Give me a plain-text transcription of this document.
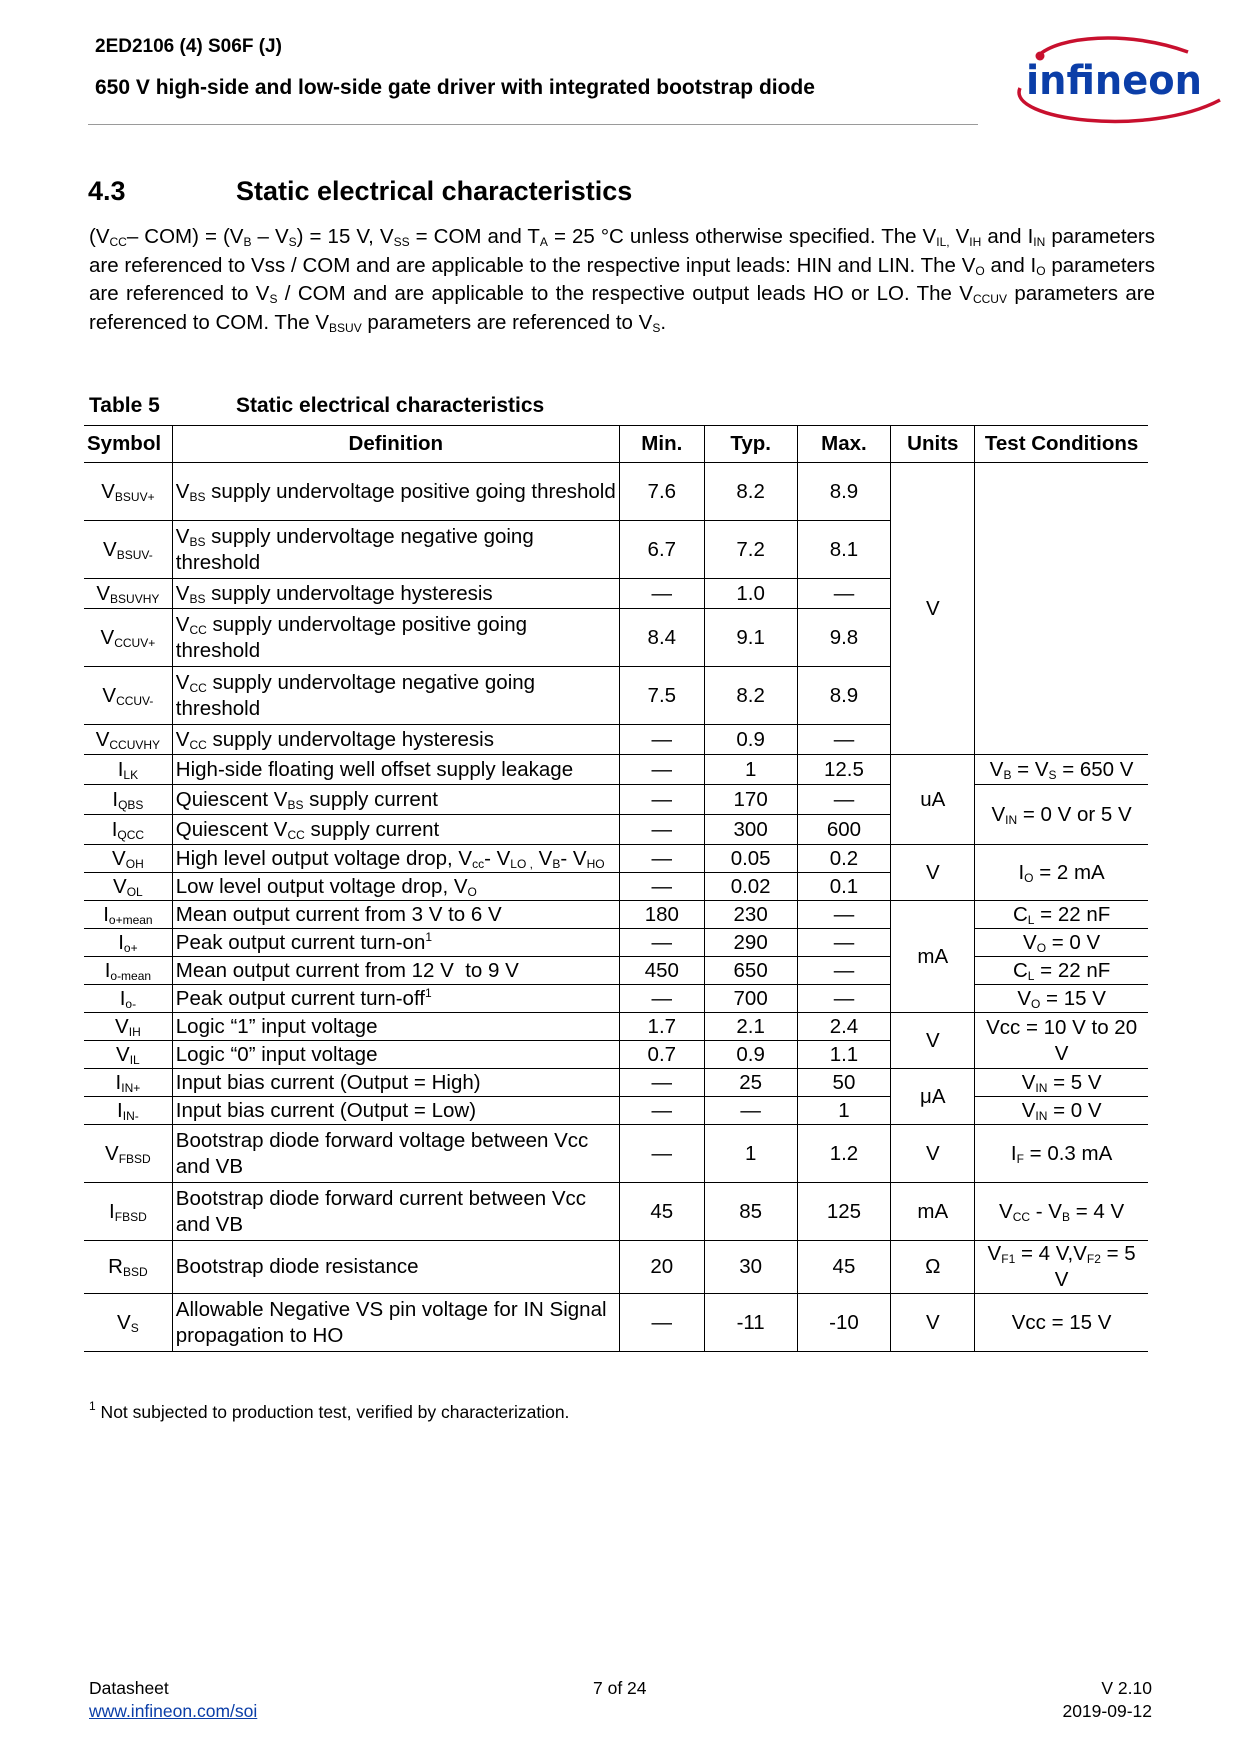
2ED2106 (4) S06F (J)
650 V high-side and low-side gate driver with integrated bootstrap diode	infineon
4.3	Static electrical characteristics
($V_{CC}-$ $COM) = (V_B - V_S) = 15$ V, $V_{SS}$ = COM and $T_A = 25$ °C unless otherwise specified. The $V_{IL,}$ $V_{IH}$ and $I_{IN}$ parameters are referenced to Vss / COM and are applicable to the respective input leads: HIN and LIN. The $V_O$ and $I_O$ parameters are referenced to $V_S$ / COM and are applicable to the respective output leads HO or LO. The $V_{CCUV}$ parameters are referenced to COM. The $V_{BSUV}$ parameters are referenced to $V_S$.
Table 5	Static electrical characteristics
Symbol	Definition	Min.	Typ.	Max.	Units	Test Conditions
$V_{BSUV+}$	$V_{BS}$ supply undervoltage positive going threshold	7.6	8.2	8.9	V	
$V_{BSUV-}$	$V_{BS}$ supply undervoltage negative going threshold	6.7	7.2	8.1		
$V_{BSUVHY}$	$V_{BS}$ supply undervoltage hysteresis	—	1.0	—		
$V_{CCUV+}$	$V_{CC}$ supply undervoltage positive going threshold	8.4	9.1	9.8		
$V_{CCUV-}$	$V_{CC}$ supply undervoltage negative going threshold	7.5	8.2	8.9		
$V_{CCUVHY}$	$V_{CC}$ supply undervoltage hysteresis	—	0.9	—		
$I_{LK}$	High-side floating well offset supply leakage	—	1	12.5	uA	$V_B = V_S = 650$ V
$I_{QBS}$	Quiescent $V_{BS}$ supply current	—	170	—		$V_{IN} = 0$ V or 5 V
$I_{QCC}$	Quiescent $V_{CC}$ supply current	—	300	600		
$V_{OH}$	High level output voltage drop, $V_{cc}-$ $V_{LO ,}$ $V_B-$ $V_{HO}$	—	0.05	0.2	V	$I_O = 2$ mA
$V_{OL}$	Low level output voltage drop, $V_O$	—	0.02	0.1		
$I_{o+mean}$	Mean output current from 3 V to 6 V	180	230	—	mA	$C_L = 22$ nF
$I_{o+}$	Peak output current turn-$on^1$	—	290	—		$V_O = 0$ V
$I_{o-mean}$	Mean output current from 12 V  to 9 V	450	650	—		$C_L = 22$ nF
$I_{o-}$	Peak output current turn-off$^1$	—	700	—		$V_O = 15$ V
$V_{IH}$	Logic “1” input voltage	1.7	2.1	2.4	V	Vcc = 10 V to 20 V
$V_{IL}$	Logic “0” input voltage	0.7	0.9	1.1		
$I_{IN+}$	Input bias current (Output = High)	—	25	50	μA	$V_{IN} = 5$ V
$I_{IN-}$	Input bias current (Output = Low)	—	—	1		$V_{IN} = 0$ V
$V_{FBSD}$	Bootstrap diode forward voltage between Vcc and VB	—	1	1.2	V	$I_F = 0.3$ mA
$I_{FBSD}$	Bootstrap diode forward current between Vcc and VB	45	85	125	mA	$V_{CC} - V_B = 4$ V
$R_{BSD}$	Bootstrap diode resistance	20	30	45	Ω	$V_{F1} = 4$ $V,V_{F2} = 5$ V
$V_S$	Allowable Negative VS pin voltage for IN Signal propagation to HO	—	-11	-10	V	Vcc = 15 V
$^1$ Not subjected to production test, verified by characterization.
Datasheet
www.infineon.com/soi
7 of 24	V 2.10
2019-09-12
